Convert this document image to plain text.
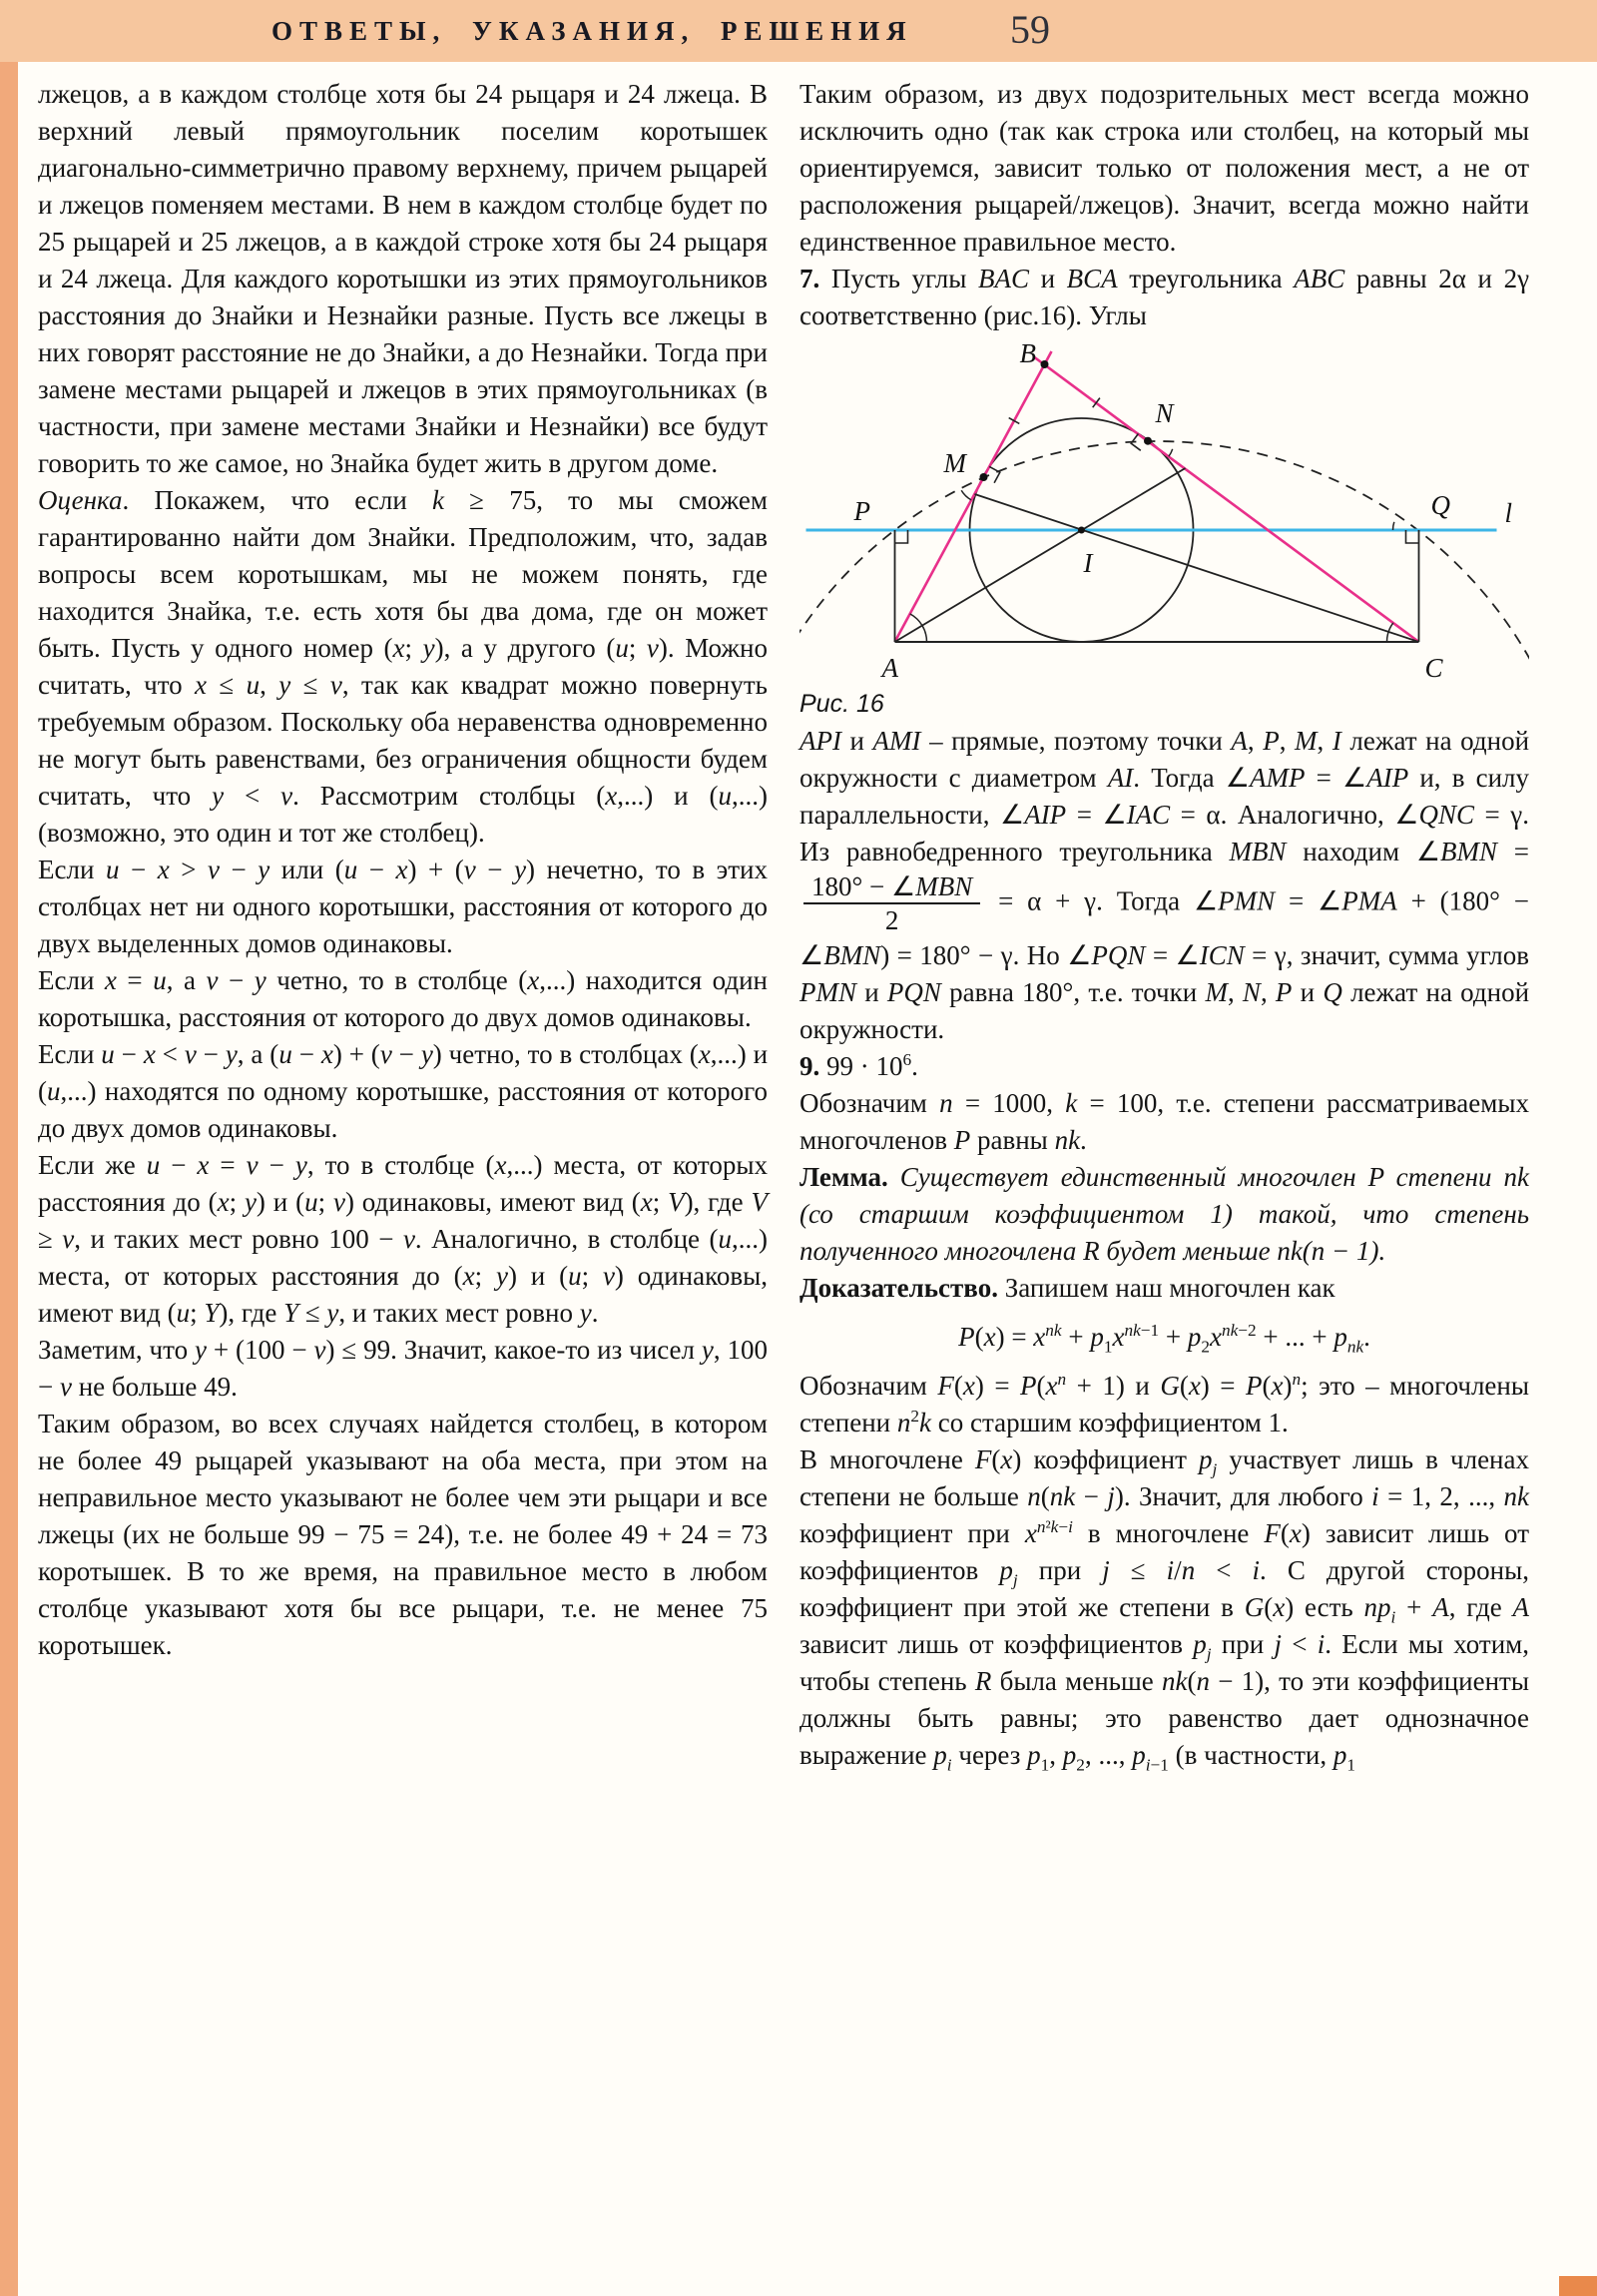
ОТВЕТЫ, УКАЗАНИЯ, РЕШЕНИЯ 59

лжецов, а в каждом столбце хотя бы 24 рыцаря и 24 лжеца. В верхний левый прямоугольник поселим коротышек диагонально-симметрично правому верхнему, причем рыцарей и лжецов поменяем местами. В нем в каждом столбце будет по 25 рыцарей и 25 лжецов, а в каждой строке хотя бы 24 рыцаря и 24 лжеца. Для каждого коротышки из этих прямоугольников расстояния до Знайки и Незнайки разные. Пусть все лжецы в них говорят расстояние не до Знайки, а до Незнайки. Тогда при замене местами рыцарей и лжецов в этих прямоугольниках (в частности, при замене местами Знайки и Незнайки) все будут говорить то же самое, но Знайка будет жить в другом доме.

Оценка. Покажем, что если k ≥ 75, то мы сможем гарантированно найти дом Знайки. Предположим, что, задав вопросы всем коротышкам, мы не можем понять, где находится Знайка, т.е. есть хотя бы два дома, где он может быть. Пусть у одного номер (x; y), а у другого (u; v). Можно считать, что x ≤ u, y ≤ v, так как квадрат можно повернуть требуемым образом. Поскольку оба неравенства одновременно не могут быть равенствами, без ограничения общности будем считать, что y < v. Рассмотрим столбцы (x,...) и (u,...) (возможно, это один и тот же столбец).

Если u − x > v − y или (u − x) + (v − y) нечетно, то в этих столбцах нет ни одного коротышки, расстояния от которого до двух выделенных домов одинаковы.

Если x = u, а v − y четно, то в столбце (x,...) находится один коротышка, расстояния от которого до двух домов одинаковы.

Если u − x < v − y, а (u − x) + (v − y) четно, то в столбцах (x,...) и (u,...) находятся по одному коротышке, расстояния от которого до двух домов одинаковы.

Если же u − x = v − y, то в столбце (x,...) места, от которых расстояния до (x; y) и (u; v) одинаковы, имеют вид (x; V), где V ≥ v, и таких мест ровно 100 − v. Аналогично, в столбце (u,...) места, от которых расстояния до (x; y) и (u; v) одинаковы, имеют вид (u; Y), где Y ≤ y, и таких мест ровно y.

Заметим, что y + (100 − v) ≤ 99. Значит, какое-то из чисел y, 100 − v не больше 49.

Таким образом, во всех случаях найдется столбец, в котором не более 49 рыцарей указывают на оба места, при этом на неправильное место указывают не более чем эти рыцари и все лжецы (их не больше 99 − 75 = 24), т.е. не более 49 + 24 = 73 коротышек. В то же время, на правильное место в любом столбце указывают хотя бы все рыцари, т.е. не менее 75 коротышек.

Таким образом, из двух подозрительных мест всегда можно исключить одно (так как строка или столбец, на который мы ориентируемся, зависит только от положения мест, а не от расположения рыцарей/лжецов). Значит, всегда можно найти единственное правильное место.

7. Пусть углы BAC и BCA треугольника ABC равны 2α и 2γ соответственно (рис.16). Углы

B
M
N
P	Q
I
A	C
l

Рис. 16

API и AMI – прямые, поэтому точки A, P, M, I лежат на одной окружности с диаметром AI. Тогда ∠AMP = ∠AIP и, в силу параллельности, ∠AIP = ∠IAC = α. Аналогично, ∠QNC = γ. Из равнобедренного треугольника MBN находим ∠BMN =
$\frac{\text{180° − ∠MBN}}{2} = \alpha + \gamma$. Тогда ∠PMN = ∠PMA + (180° − ∠BMN) = 180° − γ. Но ∠PQN = ∠ICN = γ, значит, сумма углов PMN и PQN равна 180°, т.е. точки M, N, P и Q лежат на одной окружности.

9. $99 \cdot 10^6$.

Обозначим n = 1000, k = 100, т.е. степени рассматриваемых многочленов P равны nk.

Лемма. Существует единственный многочлен P степени nk (со старшим коэффициентом 1) такой, что степень полученного многочлена R будет меньше nk(n − 1).

Доказательство. Запишем наш многочлен как

$P(x) = x^{nk} + p_1x^{nk-1} + p_2x^{nk-2}$ + ... + $p_{nk}$.

Обозначим $F(x) = P(x^n + 1)$ и $G(x) = P(x)^n$; это – многочлены степени $n^2k$ со старшим коэффициентом 1.

В многочлене F(x) коэффициент $p_j$ участвует лишь в членах степени не больше n(nk − j). Значит, для любого i = 1, 2, ..., nk коэффициент при $x^{n^2k-i}$ в многочлене F(x) зависит лишь от коэффициентов $p_j$ при j ≤ i/n < i. С другой стороны, коэффициент при этой же степени в G(x) есть $np_i + A$, где A зависит лишь от коэффициентов $p_j$ при j < i. Если мы хотим, чтобы степень R была меньше nk(n − 1), то эти коэффициенты должны быть равны; это равенство дает однозначное выражение $p_i$ через $p_1$, $p_2$, ..., $p_{i-1}$ (в частности, $p_1$
